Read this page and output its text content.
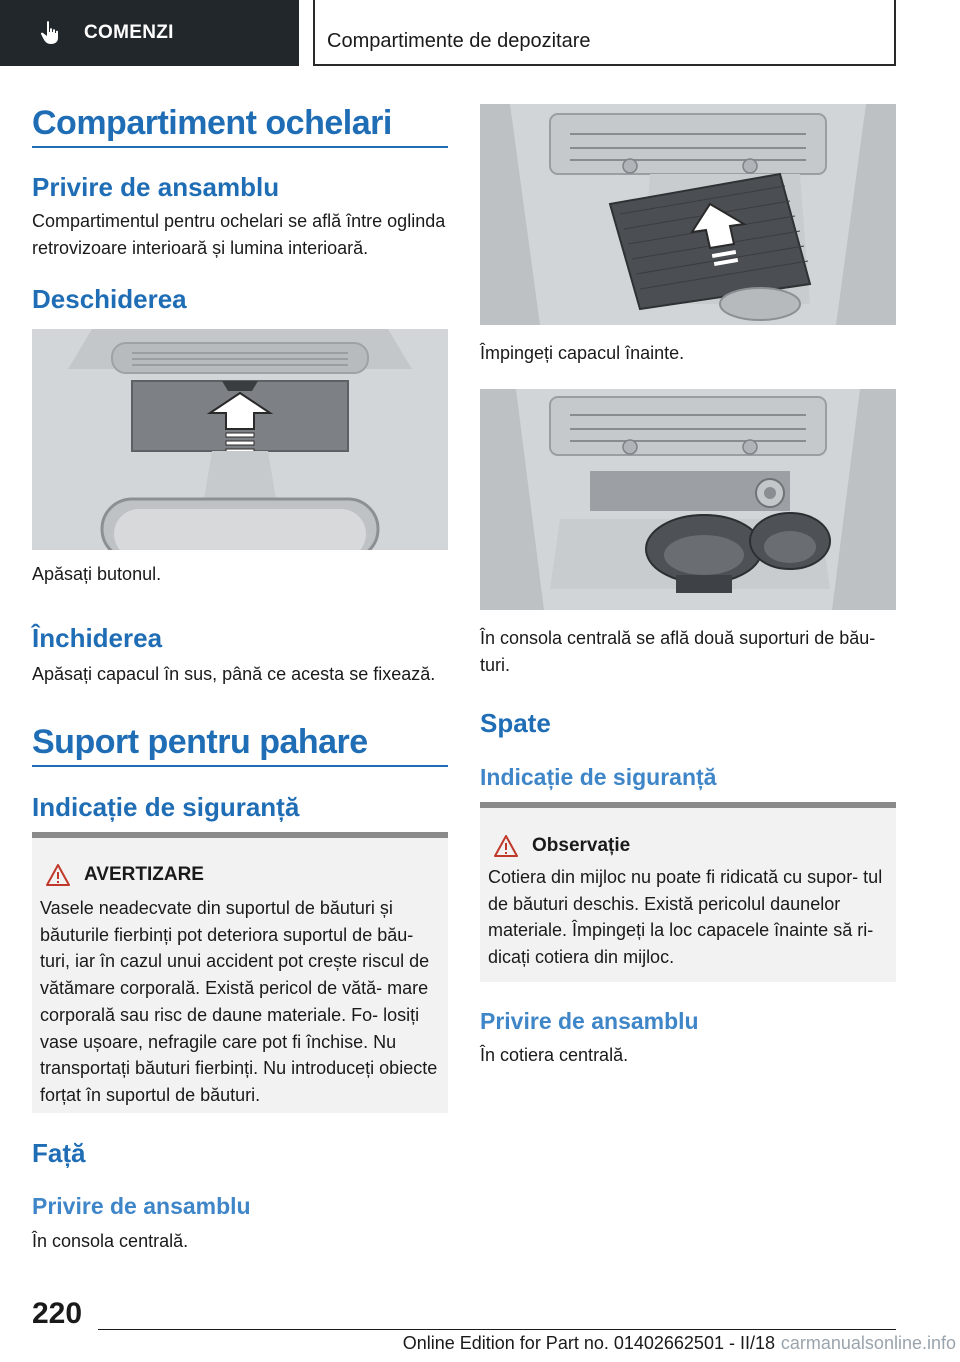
COMENZI	Compartimente de depozitare
Compartiment ochelari
Privire de ansamblu
Compartimentul pentru ochelari se află între oglinda retrovizoare interioară și lumina interioară.
Deschiderea
Apăsați butonul.
Închiderea
Apăsați capacul în sus, până ce acesta se fixează.
Suport pentru pahare
Indicație de siguranță
AVERTIZARE
Vasele neadecvate din suportul de băuturi și băuturile fierbinți pot deteriora suportul de bău- turi, iar în cazul unui accident pot crește riscul de vătămare corporală. Există pericol de vătă- mare corporală sau risc de daune materiale. Fo- losiți vase ușoare, nefragile care pot fi închise. Nu transportați băuturi fierbinți. Nu introduceți obiecte forțat în suportul de băuturi.
Față
Privire de ansamblu
În consola centrală.
Împingeți capacul înainte.
În consola centrală se află două suporturi de bău- turi.
Spate
Indicație de siguranță
Observație
Cotiera din mijloc nu poate fi ridicată cu supor- tul de băuturi deschis. Există pericolul daunelor materiale. Împingeți la loc capacele înainte să ri- dicați cotiera din mijloc.
Privire de ansamblu
În cotiera centrală.
220
Online Edition for Part no. 01402662501 - II/18 carmanualsonline.info
